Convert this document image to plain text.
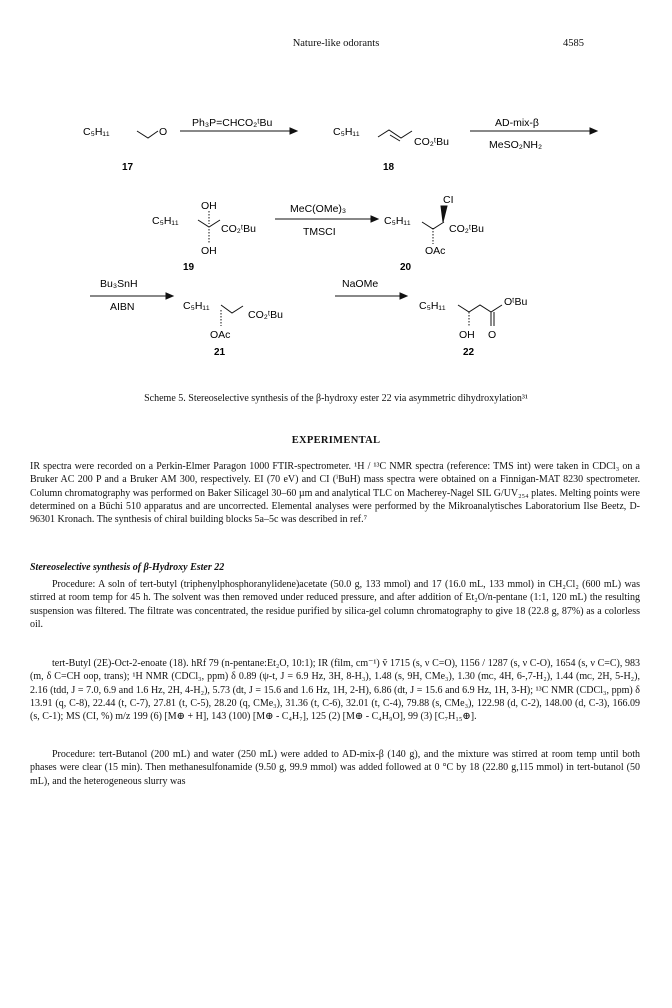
Nature-like odorants	4585
C₅H₁₁	O
17
Ph₃P=CHCO₂ᵗBu
C₅H₁₁
CO₂ᵗBu
18
AD-mix-β
MeSO₂NH₂
OH
C₅H₁₁
CO₂ᵗBu
OH
19
MeC(OMe)₃
TMSCI
CI
C₅H₁₁
CO₂ᵗBu
OAc
20
Bu₃SnH
AIBN	C₅H₁₁
CO₂ᵗBu
OAc
21
NaOMe
C₅H₁₁	OᵗBu
OH O
22
Scheme 5. Stereoselective synthesis of the β-hydroxy ester 22 via asymmetric dihydroxylation³¹
EXPERIMENTAL

IR spectra were recorded on a Perkin-Elmer Paragon 1000 FTIR-spectrometer. ¹H / ¹³C NMR spectra (reference: TMS int) were taken in CDCl₃ on a Bruker AC 200 P and a Bruker AM 300, respectively. EI (70 eV) and CI (ⁱBuH) mass spectra were obtained on a Finnigan-MAT 8230 spectrometer. Column chromatography was performed on Baker Silicagel 30–60 µm and analytical TLC on Macherey-Nagel SIL G/UV₂₅₄ plates. Melting points were determined on a Büchi 510 apparatus and are uncorrected. Elemental analyses were performed by the Mikroanalytisches Laboratorium Ilse Beetz, D-96301 Kronach. The synthesis of chiral building blocks 5a–5c was described in ref.⁷

Stereoselective synthesis of β-Hydroxy Ester 22

Procedure: A soln of tert-butyl (triphenylphosphoranylidene)acetate (50.0 g, 133 mmol) and 17 (16.0 mL, 133 mmol) in CH₂Cl₂ (600 mL) was stirred at room temp for 45 h. The solvent was then removed under reduced pressure, and after addition of Et₂O/n-pentane (1:1, 120 mL) the resulting suspension was filtered. The filtrate was concentrated, the residue purified by silica-gel column chromatography to give 18 (22.8 g, 87%) as a colorless oil.

tert-Butyl (2E)-Oct-2-enoate (18). hRf 79 (n-pentane:Et₂O, 10:1); IR (film, cm⁻¹) ṽ 1715 (s, ν C=O), 1156 / 1287 (s, ν C-O), 1654 (s, ν C=C), 983 (m, δ C=CH oop, trans); ¹H NMR (CDCl₃, ppm) δ 0.89 (ψ-t, J = 6.9 Hz, 3H, 8-H₃), 1.48 (s, 9H, CMe₃), 1.30 (mᴄ, 4H, 6-,7-H₂), 1.44 (mᴄ, 2H, 5-H₂), 2.16 (tdd, J = 7.0, 6.9 and 1.6 Hz, 2H, 4-H₂), 5.73 (dt, J = 15.6 and 1.6 Hz, 1H, 2-H), 6.86 (dt, J = 15.6 and 6.9 Hz, 1H, 3-H); ¹³C NMR (CDCl₃, ppm) δ 13.91 (q, C-8), 22.44 (t, C-7), 27.81 (t, C-5), 28.20 (q, CMe₃), 31.36 (t, C-6), 32.01 (t, C-4), 79.88 (s, CMe₃), 122.98 (d, C-2), 148.00 (d, C-3), 166.09 (s, C-1); MS (CI, %) m/z 199 (6) [M⊕ + H], 143 (100) [M⊕ - C₄H₇], 125 (2) [M⊕ - C₄H₉O], 99 (3) [C₇H₁₅⊕].

Procedure: tert-Butanol (200 mL) and water (250 mL) were added to AD-mix-β (140 g), and the mixture was stirred at room temp until both phases were clear (15 min). Then methanesulfonamide (9.50 g, 99.9 mmol) was added followed at 0 °C by 18 (22.80 g,115 mmol) in tert-butanol (50 mL), and the heterogeneous slurry was
